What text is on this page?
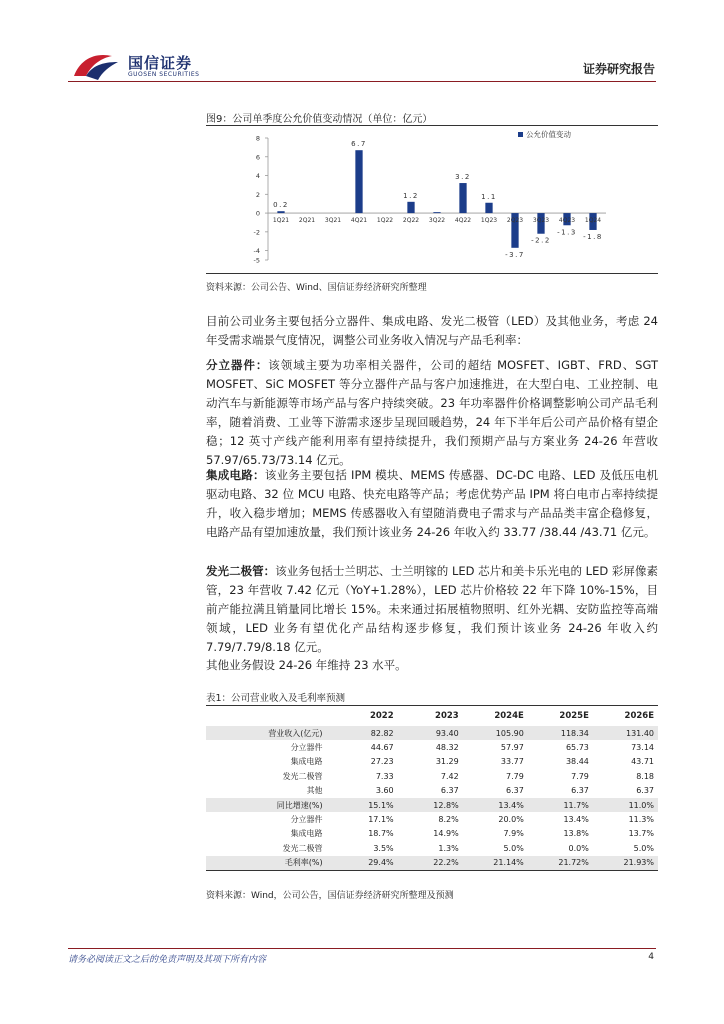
国信证券
GUOSEN SECURITIES	证券研究报告
图9：公司单季度公允价值变动情况（单位：亿元）
8
6
4
2
0
-2
-4
-5
1Q21
0.2
2Q21 3Q21 4Q21
6.7
1Q22 2Q22
1.2
3Q22 4Q22
3.2
1Q23
1.1
2Q23
-3.7
3Q23
-2.2
4Q23
-1.3
1Q24
-1.8
公允价值变动
资料来源：公司公告、Wind、国信证券经济研究所整理
目前公司业务主要包括分立器件、集成电路、发光二极管（LED）及其他业务，考虑 24 年受需求端景气度情况，调整公司业务收入情况与产品毛利率：
分立器件：该领域主要为功率相关器件，公司的超结 MOSFET、IGBT、FRD、SGT MOSFET、SiC MOSFET 等分立器件产品与客户加速推进，在大型白电、工业控制、电动汽车与新能源等市场产品与客户持续突破。23 年功率器件价格调整影响公司产品毛利率，随着消费、工业等下游需求逐步呈现回暖趋势，24 年下半年后公司产品价格有望企稳；12 英寸产线产能利用率有望持续提升，我们预期产品与方案业务 24-26 年营收 57.97/65.73/73.14 亿元。
集成电路：该业务主要包括 IPM 模块、MEMS 传感器、DC-DC 电路、LED 及低压电机驱动电路、32 位 MCU 电路、快充电路等产品；考虑优势产品 IPM 将白电市占率持续提升，收入稳步增加；MEMS 传感器收入有望随消费电子需求与产品品类丰富企稳修复，电路产品有望加速放量，我们预计该业务 24-26 年收入约 33.77 /38.44 /43.71 亿元。
发光二极管：该业务包括士兰明芯、士兰明镓的 LED 芯片和美卡乐光电的 LED 彩屏像素管，23 年营收 7.42 亿元（YoY+1.28%），LED 芯片价格较 22 年下降 10%-15%，目前产能拉满且销量同比增长 15%。未来通过拓展植物照明、红外光耦、安防监控等高端领域，LED 业务有望优化产品结构逐步修复，我们预计该业务 24-26 年收入约 7.79/7.79/8.18 亿元。
其他业务假设 24-26 年维持 23 水平。
表1：公司营业收入及毛利率预测
	2022	2023	2024E	2025E	2026E
营业收入(亿元)	82.82	93.40	105.90	118.34	131.40
分立器件	44.67	48.32	57.97	65.73	73.14
集成电路	27.23	31.29	33.77	38.44	43.71
发光二极管	7.33	7.42	7.79	7.79	8.18
其他	3.60	6.37	6.37	6.37	6.37
同比增速(%)	15.1%	12.8%	13.4%	11.7%	11.0%
分立器件	17.1%	8.2%	20.0%	13.4%	11.3%
集成电路	18.7%	14.9%	7.9%	13.8%	13.7%
发光二极管	3.5%	1.3%	5.0%	0.0%	5.0%
毛利率(%)	29.4%	22.2%	21.14%	21.72%	21.93%
资料来源：Wind，公司公告，国信证券经济研究所整理及预测
请务必阅读正文之后的免责声明及其项下所有内容	4
